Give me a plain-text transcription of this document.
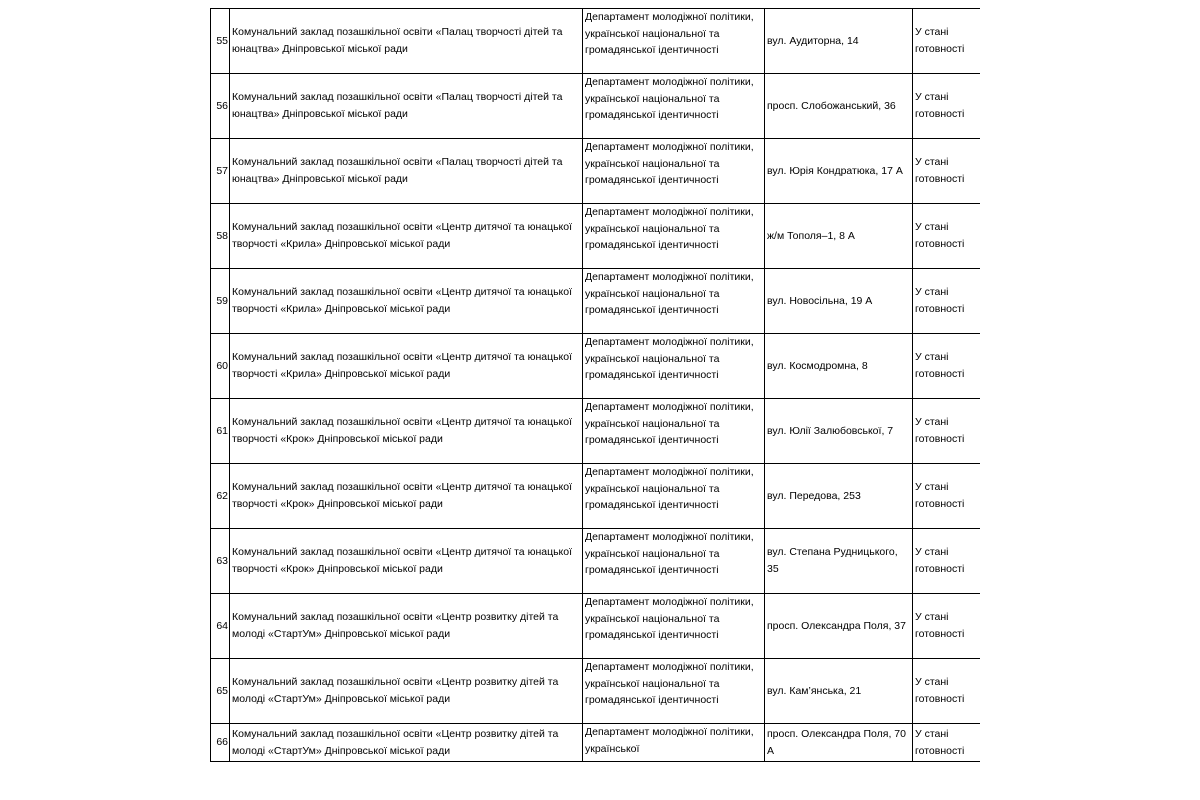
55	Комунальний заклад позашкільної освіти «Палац творчості дітей та юнацтва» Дніпровської міської ради	Департамент молодіжної політики, української національної та громадянської ідентичності	вул. Аудиторна, 14	У стані готовності
56	Комунальний заклад позашкільної освіти «Палац творчості дітей та юнацтва» Дніпровської міської ради	Департамент молодіжної політики, української національної та громадянської ідентичності	просп. Слобожанський, 36	У стані готовності
57	Комунальний заклад позашкільної освіти «Палац творчості дітей та юнацтва» Дніпровської міської ради	Департамент молодіжної політики, української національної та громадянської ідентичності	вул. Юрія Кондратюка, 17 А	У стані готовності
58	Комунальний заклад позашкільної освіти «Центр дитячої та юнацької творчості «Крила» Дніпровської міської ради	Департамент молодіжної політики, української національної та громадянської ідентичності	ж/м Тополя–1, 8 А	У стані готовності
59	Комунальний заклад позашкільної освіти «Центр дитячої та юнацької творчості «Крила» Дніпровської міської ради	Департамент молодіжної політики, української національної та громадянської ідентичності	вул. Новосільна, 19 А	У стані готовності
60	Комунальний заклад позашкільної освіти «Центр дитячої та юнацької творчості «Крила» Дніпровської міської ради	Департамент молодіжної політики, української національної та громадянської ідентичності	вул. Космодромна, 8	У стані готовності
61	Комунальний заклад позашкільної освіти «Центр дитячої та юнацької творчості «Крок» Дніпровської міської ради	Департамент молодіжної політики, української національної та громадянської ідентичності	вул. Юлії Залюбовської, 7	У стані готовності
62	Комунальний заклад позашкільної освіти «Центр дитячої та юнацької творчості «Крок» Дніпровської міської ради	Департамент молодіжної політики, української національної та громадянської ідентичності	вул. Передова, 253	У стані готовності
63	Комунальний заклад позашкільної освіти «Центр дитячої та юнацької творчості «Крок» Дніпровської міської ради	Департамент молодіжної політики, української національної та громадянської ідентичності	вул. Степана Рудницького, 35	У стані готовності
64	Комунальний заклад позашкільної освіти «Центр розвитку дітей та молоді «СтартУм» Дніпровської міської ради	Департамент молодіжної політики, української національної та громадянської ідентичності	просп. Олександра Поля, 37	У стані готовності
65	Комунальний заклад позашкільної освіти «Центр розвитку дітей та молоді «СтартУм» Дніпровської міської ради	Департамент молодіжної політики, української національної та громадянської ідентичності	вул. Кам’янська, 21	У стані готовності
66	Комунальний заклад позашкільної освіти «Центр розвитку дітей та молоді «СтартУм» Дніпровської міської ради	Департамент молодіжної політики, української	просп. Олександра Поля, 70 А	У стані готовності
